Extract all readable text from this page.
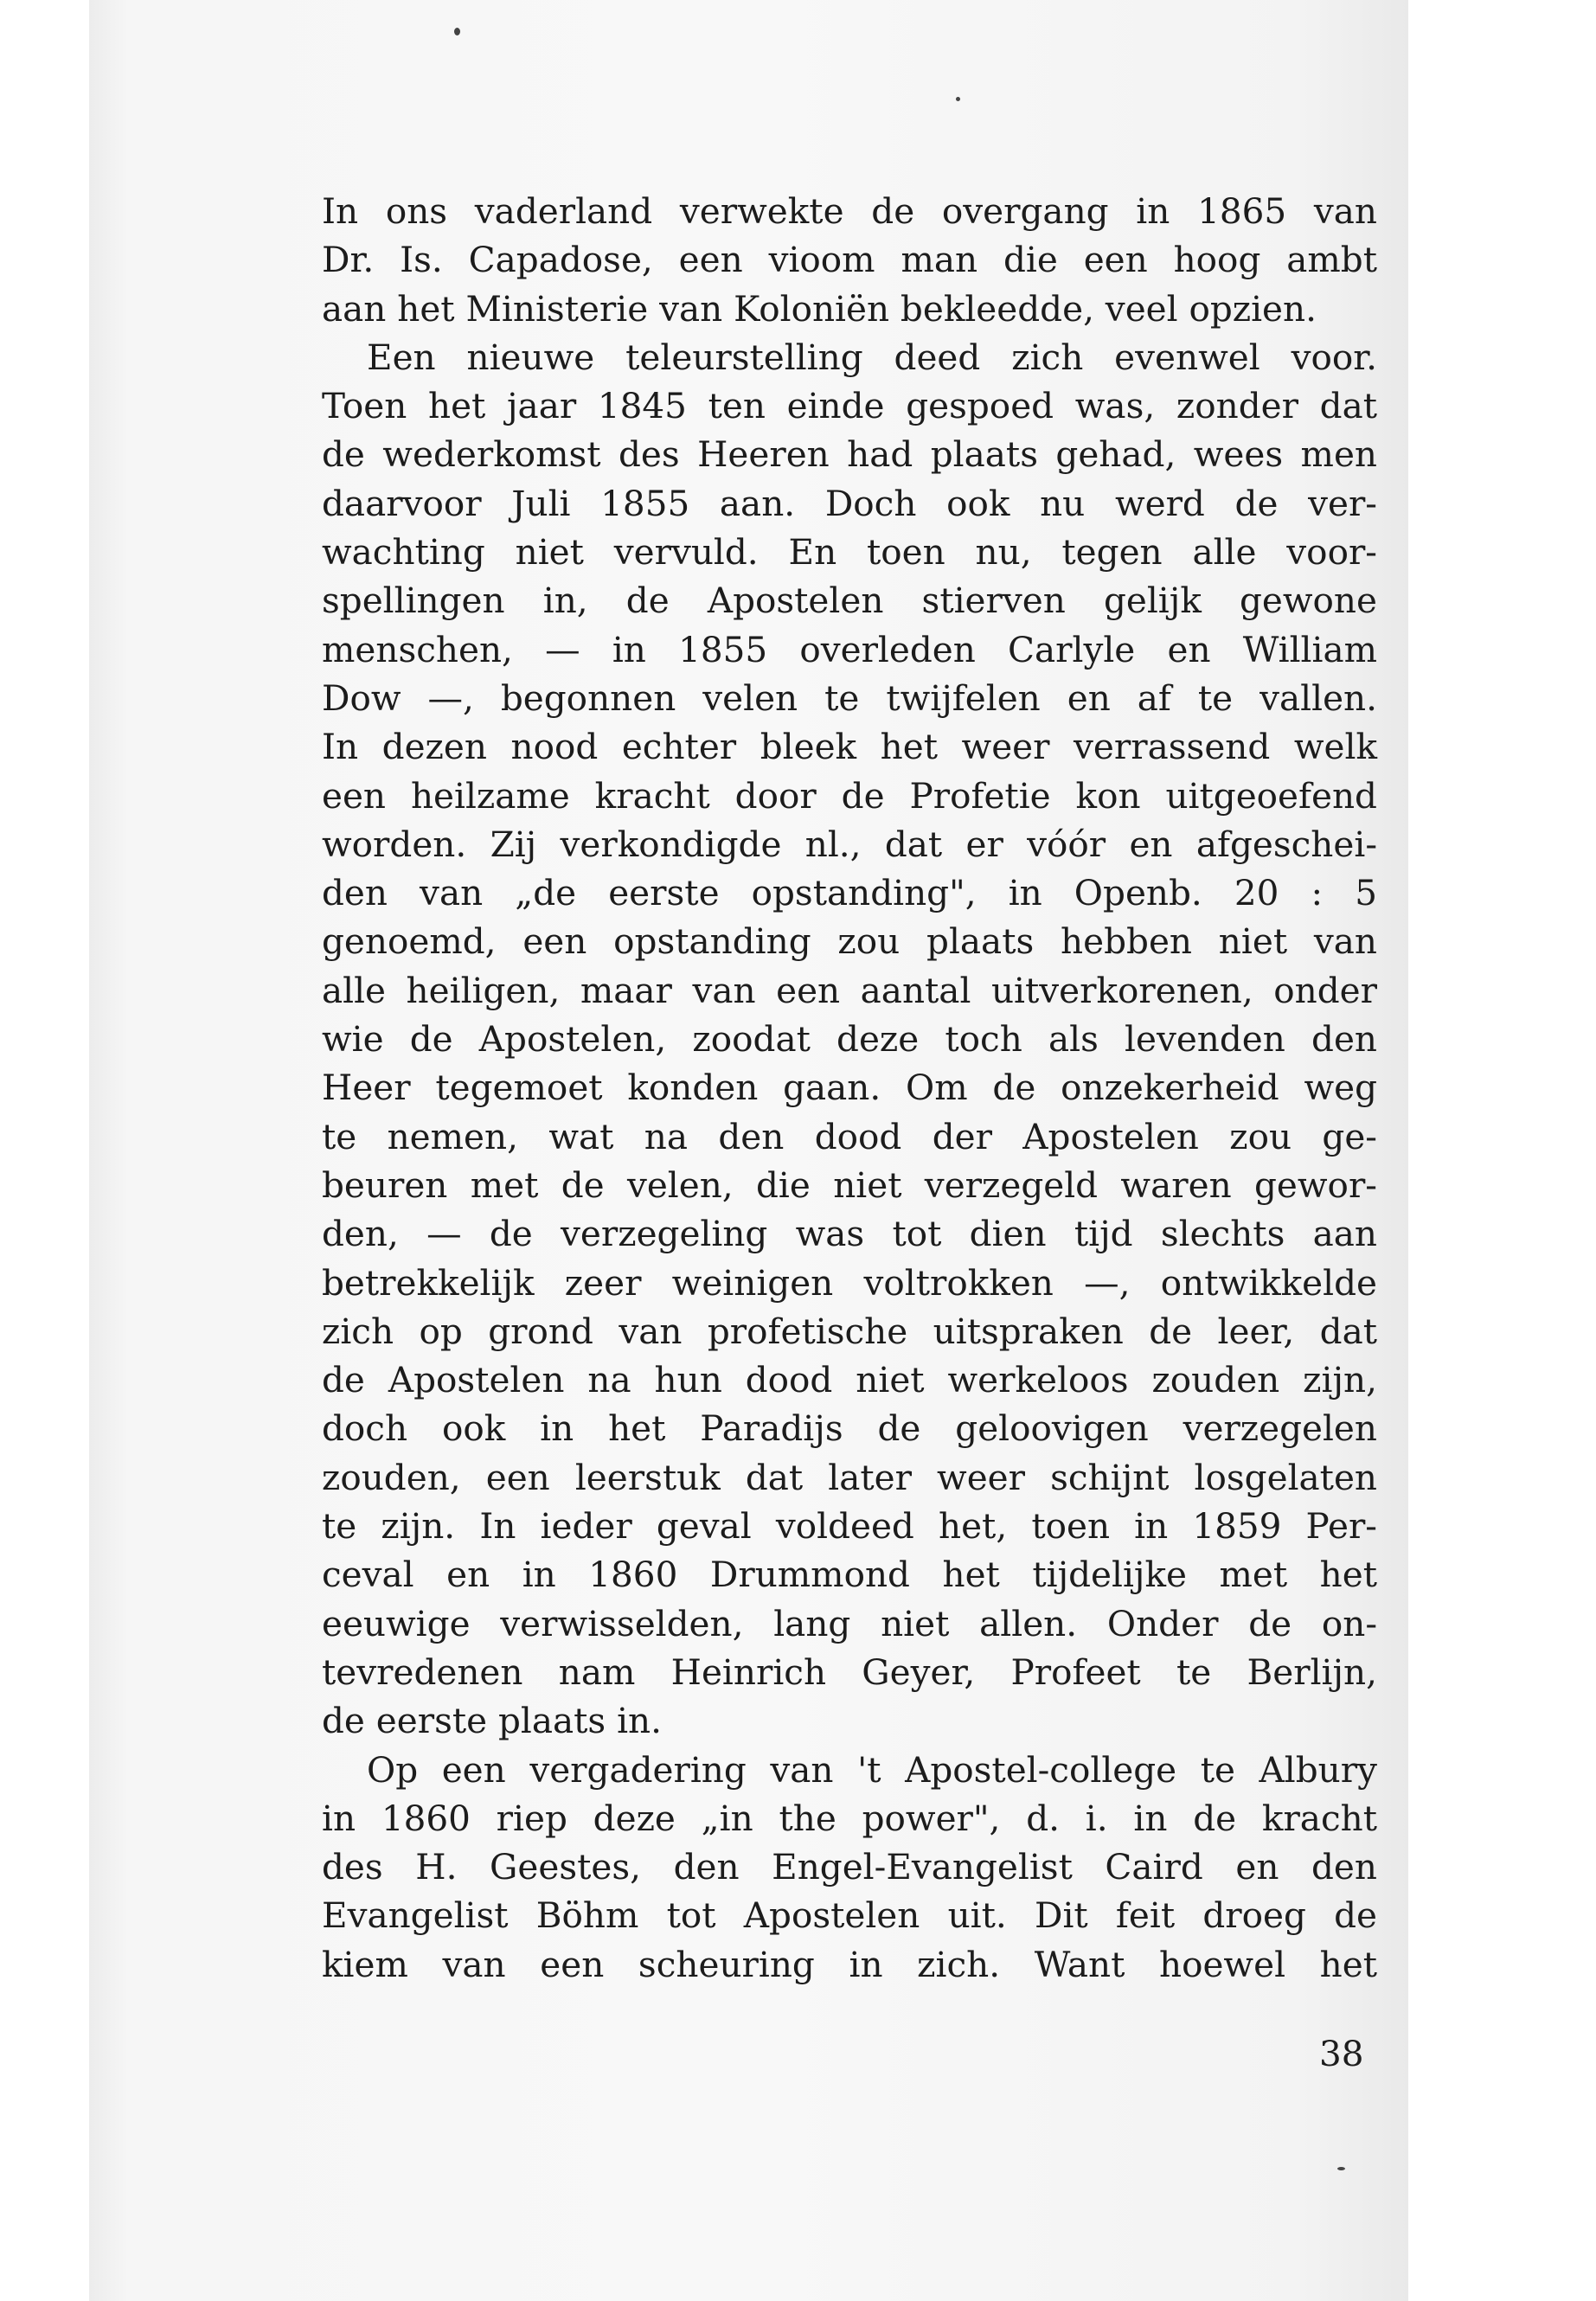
In ons vaderland verwekte de overgang in 1865 van
Dr. Is. Capadose, een vioom man die een hoog ambt
aan het Ministerie van Koloniën bekleedde, veel opzien.
Een nieuwe teleurstelling deed zich evenwel voor.
Toen het jaar 1845 ten einde gespoed was, zonder dat
de wederkomst des Heeren had plaats gehad, wees men
daarvoor Juli 1855 aan. Doch ook nu werd de ver-
wachting niet vervuld. En toen nu, tegen alle voor-
spellingen in, de Apostelen stierven gelijk gewone
menschen, — in 1855 overleden Carlyle en William
Dow —, begonnen velen te twijfelen en af te vallen.
In dezen nood echter bleek het weer verrassend welk
een heilzame kracht door de Profetie kon uitgeoefend
worden. Zij verkondigde nl., dat er vóór en afgeschei-
den van „de eerste opstanding", in Openb. 20 : 5
genoemd, een opstanding zou plaats hebben niet van
alle heiligen, maar van een aantal uitverkorenen, onder
wie de Apostelen, zoodat deze toch als levenden den
Heer tegemoet konden gaan. Om de onzekerheid weg
te nemen, wat na den dood der Apostelen zou ge-
beuren met de velen, die niet verzegeld waren gewor-
den, — de verzegeling was tot dien tijd slechts aan
betrekkelijk zeer weinigen voltrokken —, ontwikkelde
zich op grond van profetische uitspraken de leer, dat
de Apostelen na hun dood niet werkeloos zouden zijn,
doch ook in het Paradijs de geloovigen verzegelen
zouden, een leerstuk dat later weer schijnt losgelaten
te zijn. In ieder geval voldeed het, toen in 1859 Per-
ceval en in 1860 Drummond het tijdelijke met het
eeuwige verwisselden, lang niet allen. Onder de on-
tevredenen nam Heinrich Geyer, Profeet te Berlijn,
de eerste plaats in.
Op een vergadering van 't Apostel-college te Albury
in 1860 riep deze „in the power", d. i. in de kracht
des H. Geestes, den Engel-Evangelist Caird en den
Evangelist Böhm tot Apostelen uit. Dit feit droeg de
kiem van een scheuring in zich. Want hoewel het
38
